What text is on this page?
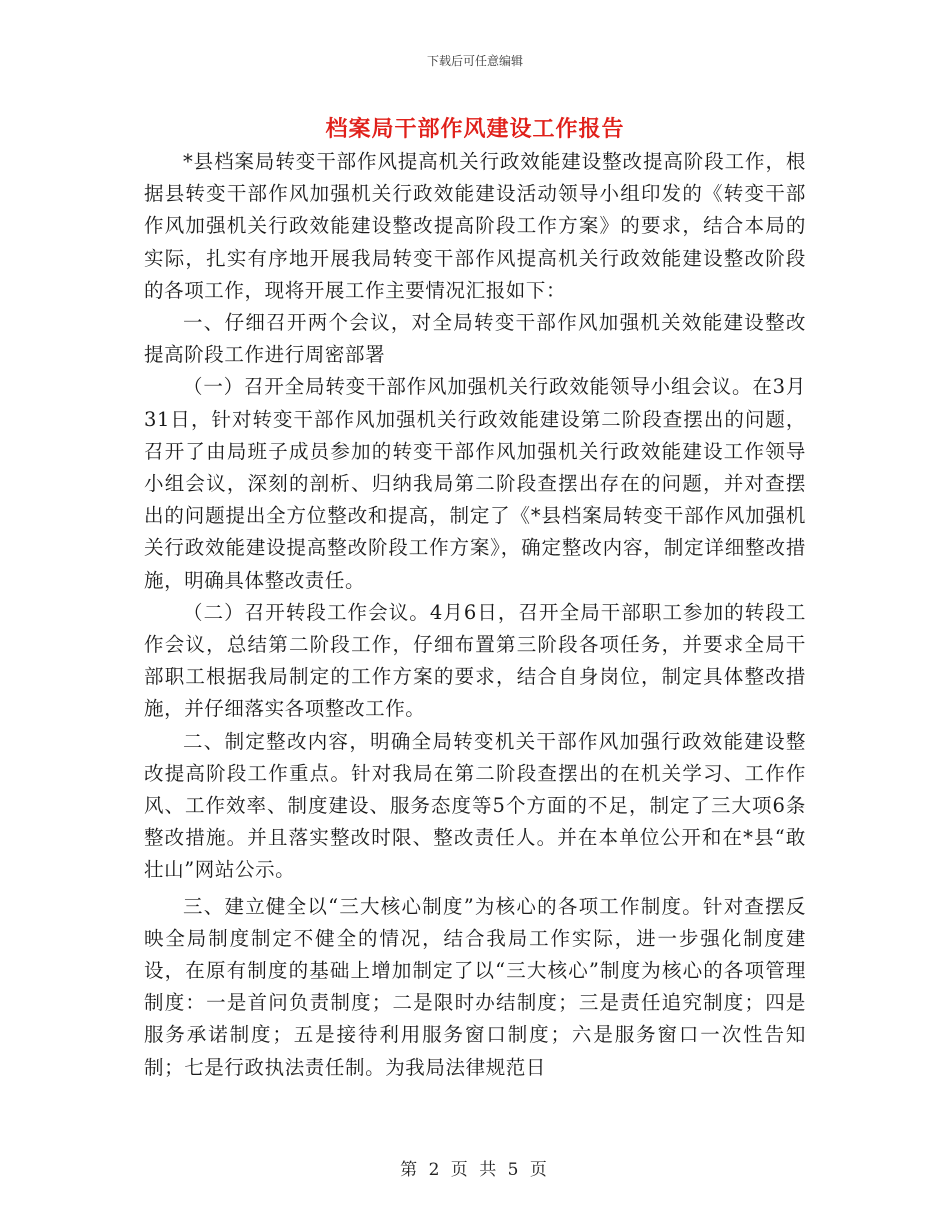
下载后可任意编辑
档案局干部作风建设工作报告

*县档案局转变干部作风提高机关行政效能建设整改提高阶段工作，根据县转变干部作风加强机关行政效能建设活动领导小组印发的《转变干部作风加强机关行政效能建设整改提高阶段工作方案》的要求，结合本局的实际，扎实有序地开展我局转变干部作风提高机关行政效能建设整改阶段的各项工作，现将开展工作主要情况汇报如下：

一、仔细召开两个会议，对全局转变干部作风加强机关效能建设整改提高阶段工作进行周密部署

（一）召开全局转变干部作风加强机关行政效能领导小组会议。在3月31日，针对转变干部作风加强机关行政效能建设第二阶段查摆出的问题，召开了由局班子成员参加的转变干部作风加强机关行政效能建设工作领导小组会议，深刻的剖析、归纳我局第二阶段查摆出存在的问题，并对查摆出的问题提出全方位整改和提高，制定了《*县档案局转变干部作风加强机关行政效能建设提高整改阶段工作方案》，确定整改内容，制定详细整改措施，明确具体整改责任。

（二）召开转段工作会议。4月6日，召开全局干部职工参加的转段工作会议，总结第二阶段工作，仔细布置第三阶段各项任务，并要求全局干部职工根据我局制定的工作方案的要求，结合自身岗位，制定具体整改措施，并仔细落实各项整改工作。

二、制定整改内容，明确全局转变机关干部作风加强行政效能建设整改提高阶段工作重点。针对我局在第二阶段查摆出的在机关学习、工作作风、工作效率、制度建设、服务态度等5个方面的不足，制定了三大项6条整改措施。并且落实整改时限、整改责任人。并在本单位公开和在*县“敢壮山”网站公示。

三、建立健全以“三大核心制度”为核心的各项工作制度。针对查摆反映全局制度制定不健全的情况，结合我局工作实际，进一步强化制度建设，在原有制度的基础上增加制定了以“三大核心”制度为核心的各项管理制度：一是首问负责制度；二是限时办结制度；三是责任追究制度；四是服务承诺制度；五是接待利用服务窗口制度；六是服务窗口一次性告知制；七是行政执法责任制。为我局法律规范日

第 2 页 共 5 页
